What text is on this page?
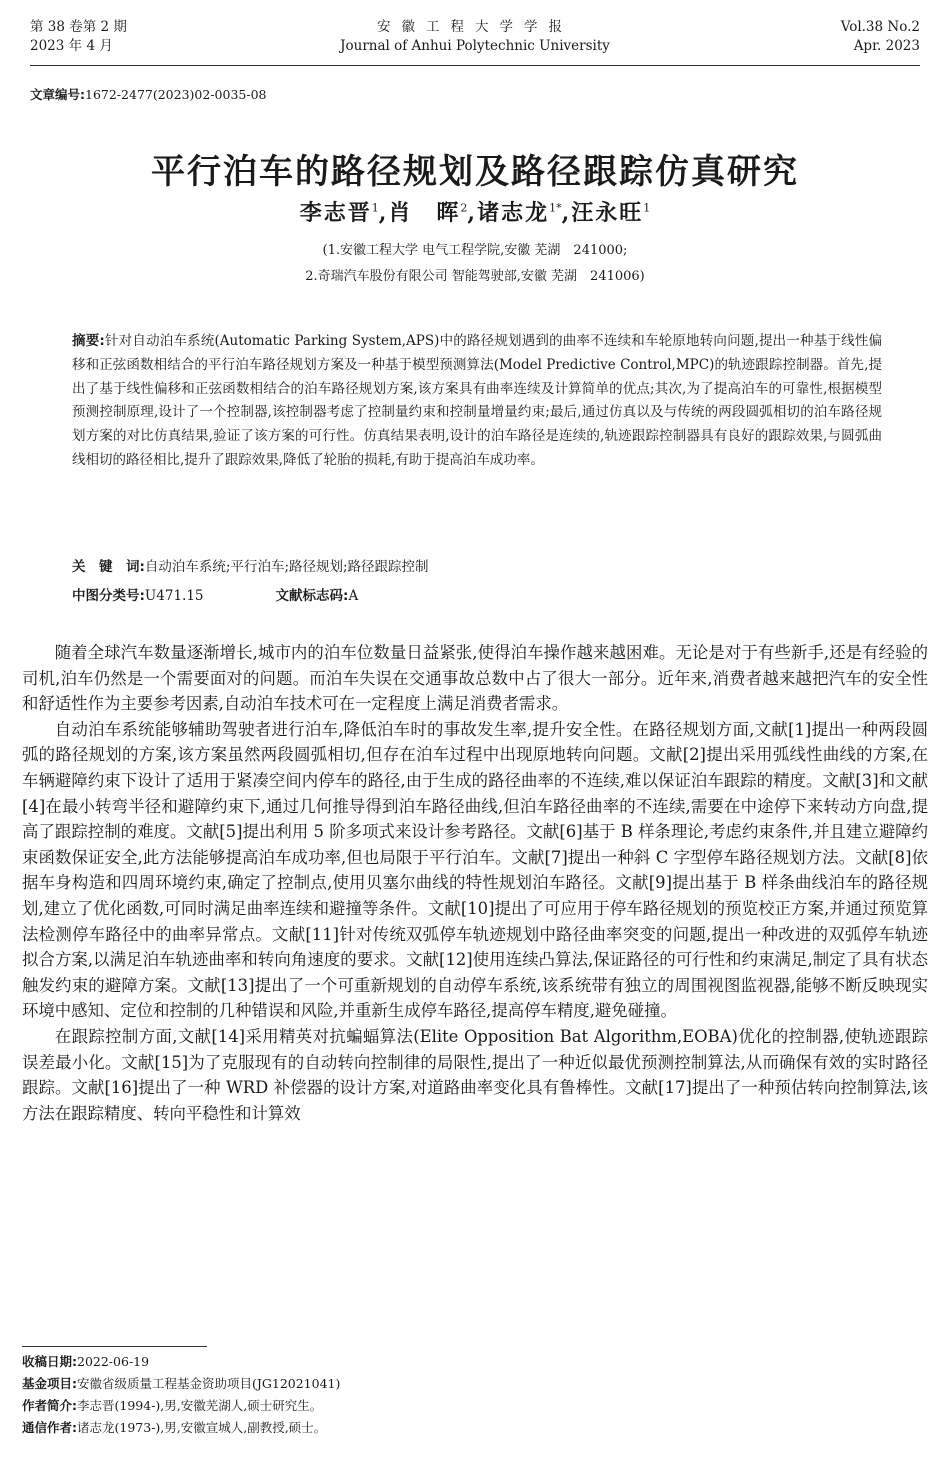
第 38 卷第 2 期
2023 年 4 月
安徽工程大学学报
Journal of Anhui Polytechnic University
Vol.38 No.2
Apr. 2023
文章编号:1672-2477(2023)02-0035-08
平行泊车的路径规划及路径跟踪仿真研究
李志晋$^1$,肖　晖$^2$,诸志龙$^{1*}$,汪永旺$^1$
(1.安徽工程大学 电气工程学院,安徽 芜湖　241000;
2.奇瑞汽车股份有限公司 智能驾驶部,安徽 芜湖　241006)

摘要:针对自动泊车系统(Automatic Parking System,APS)中的路径规划遇到的曲率不连续和车轮原地转向问题,提出一种基于线性偏移和正弦函数相结合的平行泊车路径规划方案及一种基于模型预测算法(Model Predictive Control,MPC)的轨迹跟踪控制器。首先,提出了基于线性偏移和正弦函数相结合的泊车路径规划方案,该方案具有曲率连续及计算简单的优点;其次,为了提高泊车的可靠性,根据模型预测控制原理,设计了一个控制器,该控制器考虑了控制量约束和控制量增量约束;最后,通过仿真以及与传统的两段圆弧相切的泊车路径规划方案的对比仿真结果,验证了该方案的可行性。仿真结果表明,设计的泊车路径是连续的,轨迹跟踪控制器具有良好的跟踪效果,与圆弧曲线相切的路径相比,提升了跟踪效果,降低了轮胎的损耗,有助于提高泊车成功率。

关　键　词:自动泊车系统;平行泊车;路径规划;路径跟踪控制
中图分类号:U471.15	文献标志码:A

随着全球汽车数量逐渐增长,城市内的泊车位数量日益紧张,使得泊车操作越来越困难。无论是对于有些新手,还是有经验的司机,泊车仍然是一个需要面对的问题。而泊车失误在交通事故总数中占了很大一部分。近年来,消费者越来越把汽车的安全性和舒适性作为主要参考因素,自动泊车技术可在一定程度上满足消费者需求。

自动泊车系统能够辅助驾驶者进行泊车,降低泊车时的事故发生率,提升安全性。在路径规划方面,文献[1]提出一种两段圆弧的路径规划的方案,该方案虽然两段圆弧相切,但存在泊车过程中出现原地转向问题。文献[2]提出采用弧线性曲线的方案,在车辆避障约束下设计了适用于紧凑空间内停车的路径,由于生成的路径曲率的不连续,难以保证泊车跟踪的精度。文献[3]和文献[4]在最小转弯半径和避障约束下,通过几何推导得到泊车路径曲线,但泊车路径曲率的不连续,需要在中途停下来转动方向盘,提高了跟踪控制的难度。文献[5]提出利用 5 阶多项式来设计参考路径。文献[6]基于 B 样条理论,考虑约束条件,并且建立避障约束函数保证安全,此方法能够提高泊车成功率,但也局限于平行泊车。文献[7]提出一种斜 C 字型停车路径规划方法。文献[8]依据车身构造和四周环境约束,确定了控制点,使用贝塞尔曲线的特性规划泊车路径。文献[9]提出基于 B 样条曲线泊车的路径规划,建立了优化函数,可同时满足曲率连续和避撞等条件。文献[10]提出了可应用于停车路径规划的预览校正方案,并通过预览算法检测停车路径中的曲率异常点。文献[11]针对传统双弧停车轨迹规划中路径曲率突变的问题,提出一种改进的双弧停车轨迹拟合方案,以满足泊车轨迹曲率和转向角速度的要求。文献[12]使用连续凸算法,保证路径的可行性和约束满足,制定了具有状态触发约束的避障方案。文献[13]提出了一个可重新规划的自动停车系统,该系统带有独立的周围视图监视器,能够不断反映现实环境中感知、定位和控制的几种错误和风险,并重新生成停车路径,提高停车精度,避免碰撞。

在跟踪控制方面,文献[14]采用精英对抗蝙蝠算法(Elite Opposition Bat Algorithm,EOBA)优化的控制器,使轨迹跟踪误差最小化。文献[15]为了克服现有的自动转向控制律的局限性,提出了一种近似最优预测控制算法,从而确保有效的实时路径跟踪。文献[16]提出了一种 WRD 补偿器的设计方案,对道路曲率变化具有鲁棒性。文献[17]提出了一种预估转向控制算法,该方法在跟踪精度、转向平稳性和计算效

收稿日期:2022-06-19
基金项目:安徽省级质量工程基金资助项目(JG12021041)
作者简介:李志晋(1994-),男,安徽芜湖人,硕士研究生。
通信作者:诸志龙(1973-),男,安徽宣城人,副教授,硕士。
